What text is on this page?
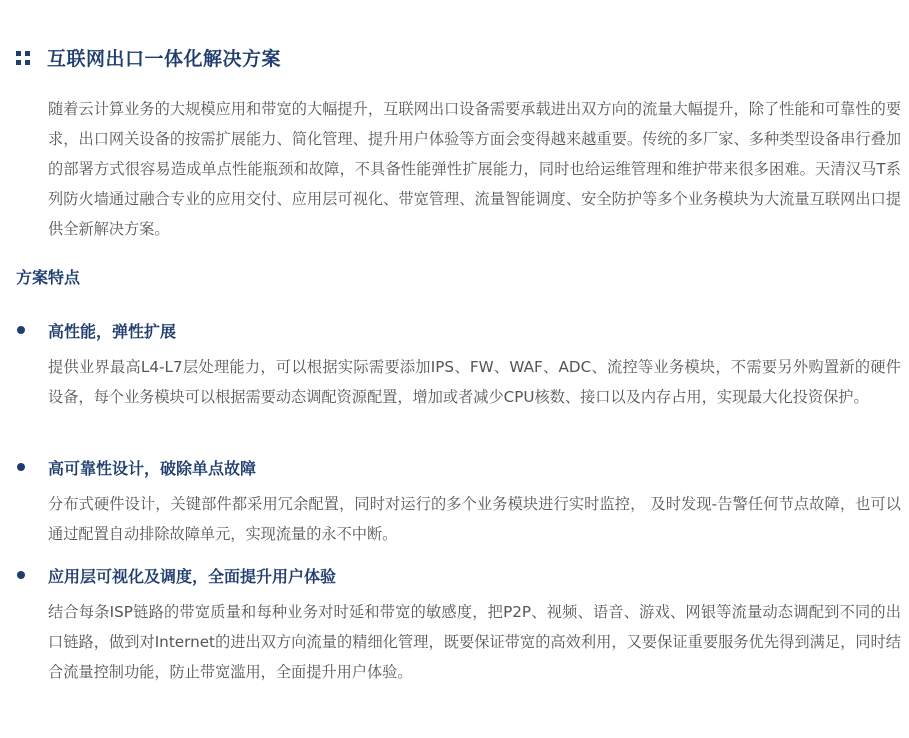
互联网出口一体化解决方案
随着云计算业务的大规模应用和带宽的大幅提升，互联网出口设备需要承载进出双方向的流量大幅提升，除了性能和可靠性的要求，出口网关设备的按需扩展能力、简化管理、提升用户体验等方面会变得越来越重要。传统的多厂家、多种类型设备串行叠加的部署方式很容易造成单点性能瓶颈和故障，不具备性能弹性扩展能力，同时也给运维管理和维护带来很多困难。天清汉马T系列防火墙通过融合专业的应用交付、应用层可视化、带宽管理、流量智能调度、安全防护等多个业务模块为大流量互联网出口提供全新解决方案。
方案特点
高性能，弹性扩展
提供业界最高L4-L7层处理能力，可以根据实际需要添加IPS、FW、WAF、ADC、流控等业务模块，不需要另外购置新的硬件设备，每个业务模块可以根据需要动态调配资源配置，增加或者减少CPU核数、接口以及内存占用，实现最大化投资保护。
高可靠性设计，破除单点故障
分布式硬件设计，关键部件都采用冗余配置，同时对运行的多个业务模块进行实时监控， 及时发现-告警任何节点故障，也可以通过配置自动排除故障单元，实现流量的永不中断。
应用层可视化及调度，全面提升用户体验
结合每条ISP链路的带宽质量和每种业务对时延和带宽的敏感度，把P2P、视频、语音、游戏、网银等流量动态调配到不同的出口链路，做到对Internet的进出双方向流量的精细化管理，既要保证带宽的高效利用，又要保证重要服务优先得到满足，同时结合流量控制功能，防止带宽滥用，全面提升用户体验。
